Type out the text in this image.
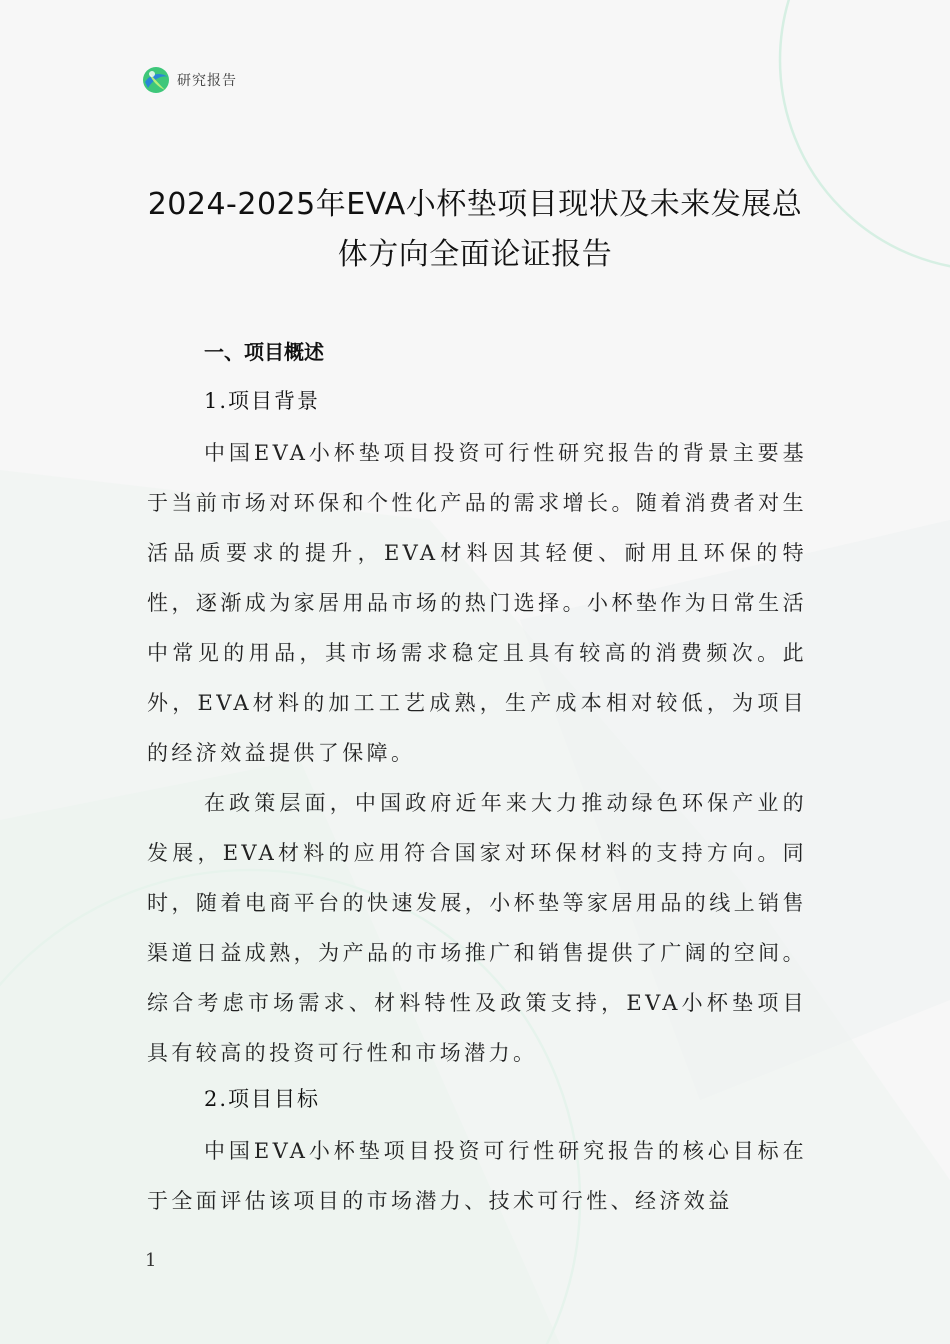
研究报告
2024-2025年EVA小杯垫项目现状及未来发展总体方向全面论证报告
一、项目概述
1.项目背景

中国EVA小杯垫项目投资可行性研究报告的背景主要基于当前市场对环保和个性化产品的需求增长。随着消费者对生活品质要求的提升，EVA材料因其轻便、耐用且环保的特性，逐渐成为家居用品市场的热门选择。小杯垫作为日常生活中常见的用品，其市场需求稳定且具有较高的消费频次。此外，EVA材料的加工工艺成熟，生产成本相对较低，为项目的经济效益提供了保障。

在政策层面，中国政府近年来大力推动绿色环保产业的发展，EVA材料的应用符合国家对环保材料的支持方向。同时，随着电商平台的快速发展，小杯垫等家居用品的线上销售渠道日益成熟，为产品的市场推广和销售提供了广阔的空间。综合考虑市场需求、材料特性及政策支持，EVA小杯垫项目具有较高的投资可行性和市场潜力。

2.项目目标

中国EVA小杯垫项目投资可行性研究报告的核心目标在于全面评估该项目的市场潜力、技术可行性、经济效益

1
